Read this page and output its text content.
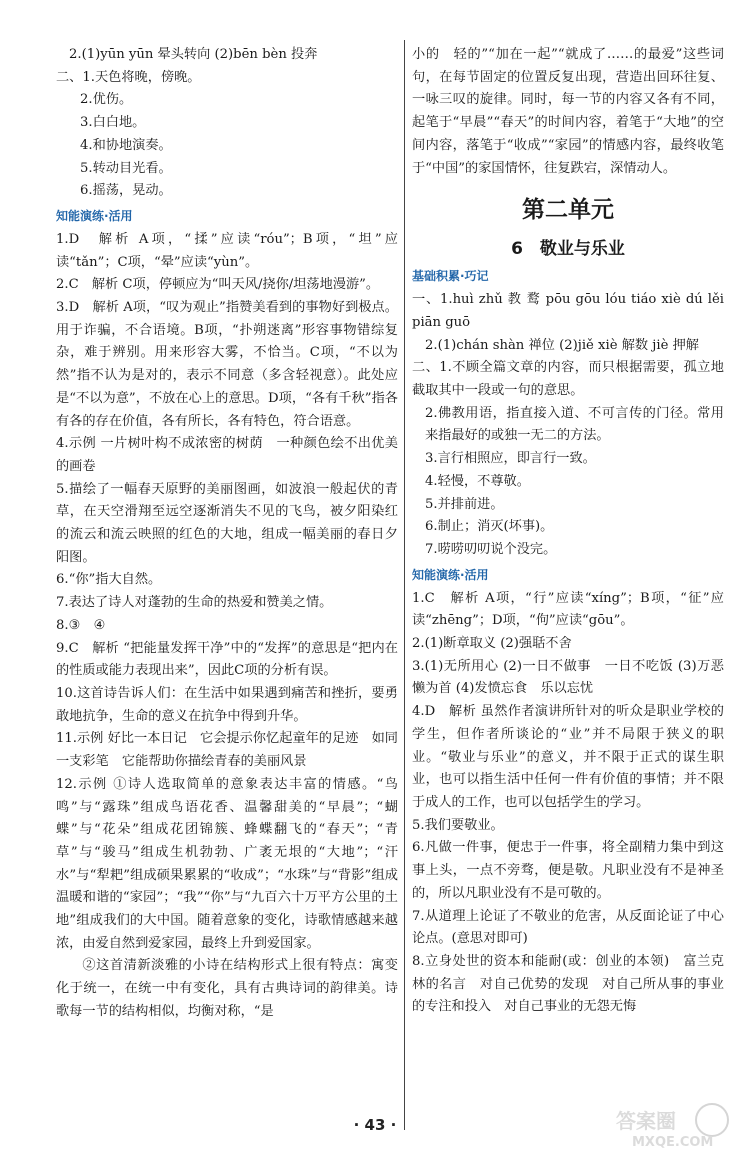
2.(1)yūn yūn 晕头转向 (2)bēn bèn 投奔

二、1.天色将晚，傍晚。

2.优伤。

3.白白地。

4.和协地演奏。

5.转动目光看。

6.摇荡，晃动。

知能演练·活用

1.D　解析 A项，“揉”应读“róu”；B项，“坦”应读“tǎn”；C项，“晕”应读“yùn”。

2.C　解析 C项，停顿应为“叫天风/挠你/坦荡地漫游”。

3.D　解析 A项，“叹为观止”指赞美看到的事物好到极点。用于诈骗，不合语境。B项，“扑朔迷离”形容事物错综复杂，难于辨别。用来形容大雾，不恰当。C项，“不以为然”指不认为是对的，表示不同意（多含轻视意）。此处应是“不以为意”，不放在心上的意思。D项，“各有千秋”指各有各的存在价值，各有所长，各有特色，符合语意。

4.示例 一片树叶构不成浓密的树荫　一种颜色绘不出优美的画卷

5.描绘了一幅春天原野的美丽图画，如波浪一般起伏的青草，在天空滑翔至远空逐渐消失不见的飞鸟，被夕阳染红的流云和流云映照的红色的大地，组成一幅美丽的春日夕阳图。

6.“你”指大自然。

7.表达了诗人对蓬勃的生命的热爱和赞美之情。

8.③　④

9.C　解析 “把能量发挥干净”中的“发挥”的意思是“把内在的性质或能力表现出来”，因此C项的分析有误。

10.这首诗告诉人们：在生活中如果遇到痛苦和挫折，要勇敢地抗争，生命的意义在抗争中得到升华。

11.示例 好比一本日记　它会提示你忆起童年的足迹　如同一支彩笔　它能帮助你描绘青春的美丽风景

12.示例 ①诗人选取简单的意象表达丰富的情感。“鸟鸣”与“露珠”组成鸟语花香、温馨甜美的“早晨”；“蝴蝶”与“花朵”组成花团锦簇、蜂蝶翻飞的“春天”；“青草”与“骏马”组成生机勃勃、广袤无垠的“大地”；“汗水”与“犁耙”组成硕果累累的“收成”；“水珠”与“背影”组成温暖和谐的“家园”；“我”“你”与“九百六十万平方公里的土地”组成我们的大中国。随着意象的变化，诗歌情感越来越浓，由爱自然到爱家园，最终上升到爱国家。

②这首清新淡雅的小诗在结构形式上很有特点：寓变化于统一，在统一中有变化，具有古典诗词的韵律美。诗歌每一节的结构相似，均衡对称，“是

小的　轻的”“加在一起”“就成了……的最爱”这些词句，在每节固定的位置反复出现，营造出回环往复、一咏三叹的旋律。同时，每一节的内容又各有不同，起笔于“早晨”“春天”的时间内容，着笔于“大地”的空间内容，落笔于“收成”“家园”的情感内容，最终收笔于“中国”的家国情怀，往复跌宕，深情动人。

第二单元
6　敬业与乐业
基础积累·巧记

一、1.huì zhǔ 教 鹜 pōu gōu lóu tiáo xiè dú lěi piān guō

2.(1)chán shàn 禅位 (2)jiě xiè 解数 jiè 押解

二、1.不顾全篇文章的内容，而只根据需要，孤立地截取其中一段或一句的意思。

2.佛教用语，指直接入道、不可言传的门径。常用来指最好的或独一无二的方法。

3.言行相照应，即言行一致。

4.轻慢，不尊敬。

5.并排前进。

6.制止；消灭(坏事)。

7.唠唠叨叨说个没完。

知能演练·活用

1.C　解析 A项，“行”应读“xíng”；B项，“征”应读“zhēng”；D项，“佝”应读“gōu”。

2.(1)断章取义 (2)强聒不舍

3.(1)无所用心 (2)一日不做事　一日不吃饭 (3)万恶懒为首 (4)发愤忘食　乐以忘忧

4.D　解析 虽然作者演讲所针对的听众是职业学校的学生，但作者所谈论的“业”并不局限于狭义的职业。“敬业与乐业”的意义，并不限于正式的谋生职业，也可以指生活中任何一件有价值的事情；并不限于成人的工作，也可以包括学生的学习。

5.我们要敬业。

6.凡做一件事，便忠于一件事，将全副精力集中到这事上头，一点不旁骛，便是敬。凡职业没有不是神圣的，所以凡职业没有不是可敬的。

7.从道理上论证了不敬业的危害，从反面论证了中心论点。(意思对即可)

8.立身处世的资本和能耐(或：创业的本领)　富兰克林的名言　对自己优势的发现　对自己所从事的事业的专注和投入　对自己事业的无怨无悔

· 43 ·	答案圈
MXQE.COM
